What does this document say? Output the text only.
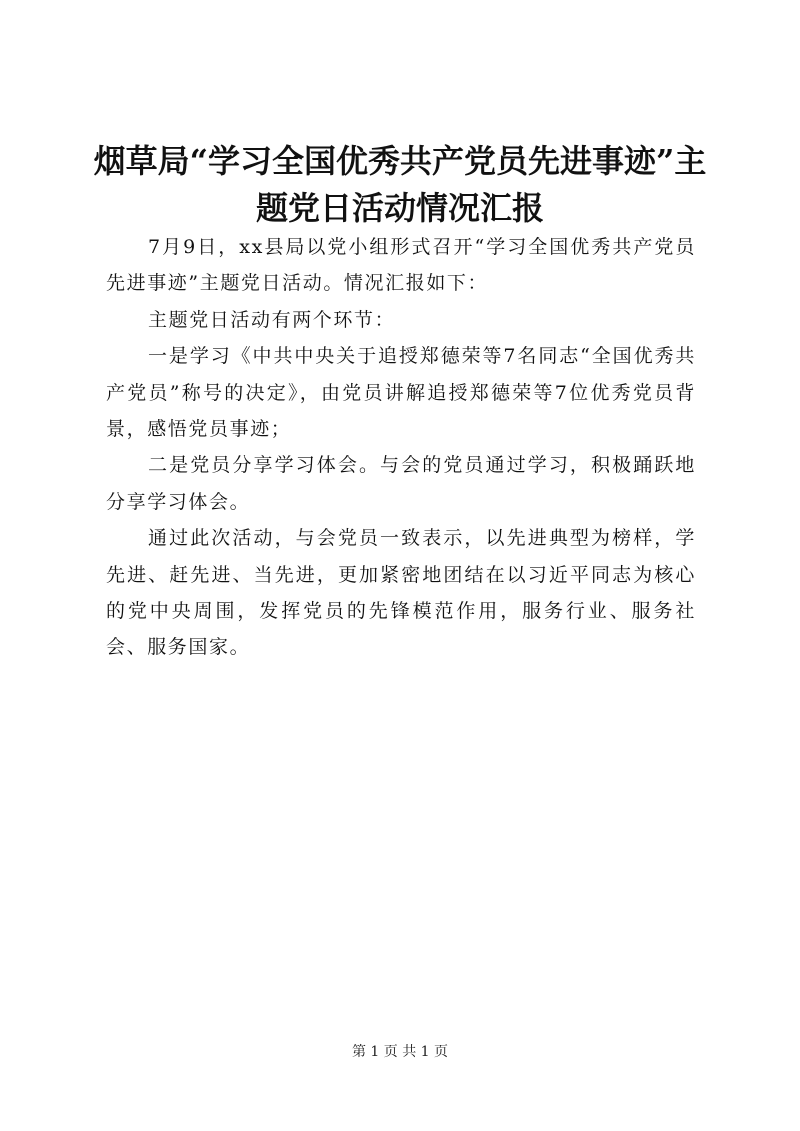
烟草局“学习全国优秀共产党员先进事迹”主题党日活动情况汇报

7月9日，xx县局以党小组形式召开“学习全国优秀共产党员先进事迹”主题党日活动。情况汇报如下：

主题党日活动有两个环节：

一是学习《中共中央关于追授郑德荣等7名同志“全国优秀共产党员”称号的决定》，由党员讲解追授郑德荣等7位优秀党员背景，感悟党员事迹；

二是党员分享学习体会。与会的党员通过学习，积极踊跃地分享学习体会。

通过此次活动，与会党员一致表示，以先进典型为榜样，学先进、赶先进、当先进，更加紧密地团结在以习近平同志为核心的党中央周围，发挥党员的先锋模范作用，服务行业、服务社会、服务国家。

第 1 页 共 1 页
